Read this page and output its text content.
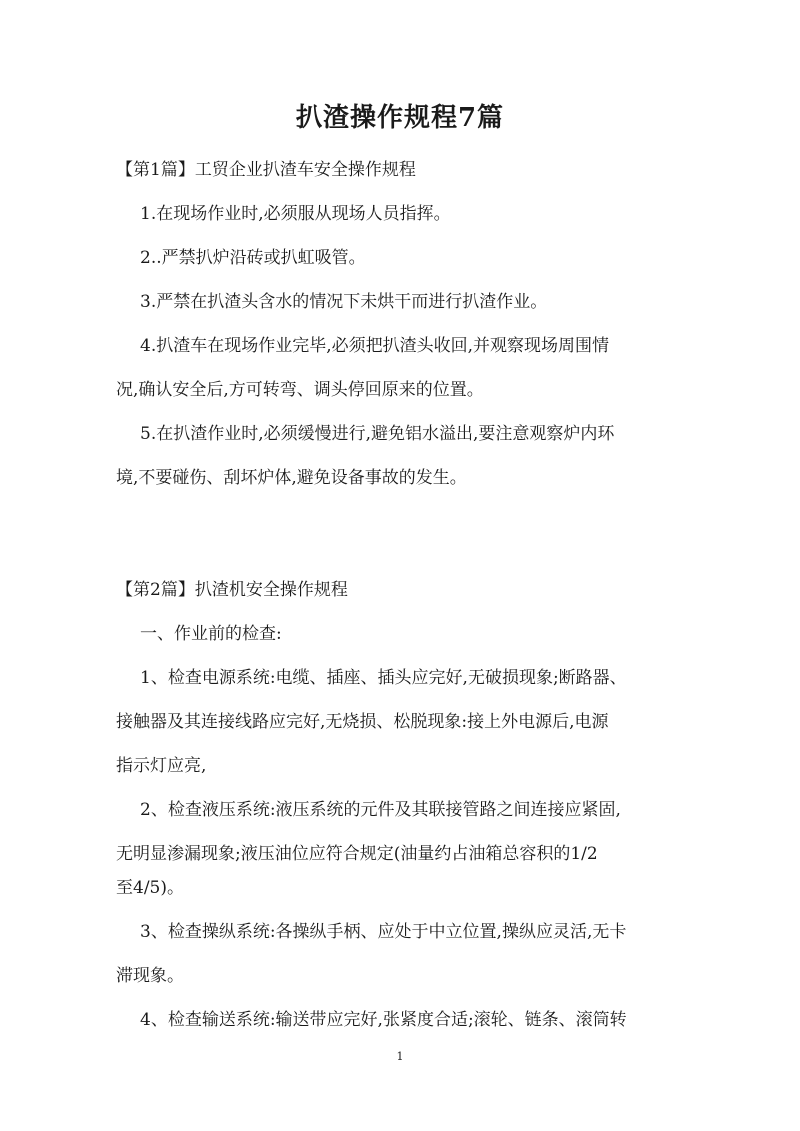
扒渣操作规程7篇
【第1篇】工贸企业扒渣车安全操作规程
1.在现场作业时,必须服从现场人员指挥。
2..严禁扒炉沿砖或扒虹吸管。
3.严禁在扒渣头含水的情况下未烘干而进行扒渣作业。
4.扒渣车在现场作业完毕,必须把扒渣头收回,并观察现场周围情
况,确认安全后,方可转弯、调头停回原来的位置。
5.在扒渣作业时,必须缓慢进行,避免铝水溢出,要注意观察炉内环
境,不要碰伤、刮坏炉体,避免设备事故的发生。
【第2篇】扒渣机安全操作规程
一、作业前的检查:
1、检查电源系统:电缆、插座、插头应完好,无破损现象;断路器、
接触器及其连接线路应完好,无烧损、松脱现象:接上外电源后,电源
指示灯应亮,
2、检查液压系统:液压系统的元件及其联接管路之间连接应紧固,
无明显渗漏现象;液压油位应符合规定(油量约占油箱总容积的1/2
至4/5)。
3、检查操纵系统:各操纵手柄、应处于中立位置,操纵应灵活,无卡
滞现象。
4、检查输送系统:输送带应完好,张紧度合适;滚轮、链条、滚筒转
1
